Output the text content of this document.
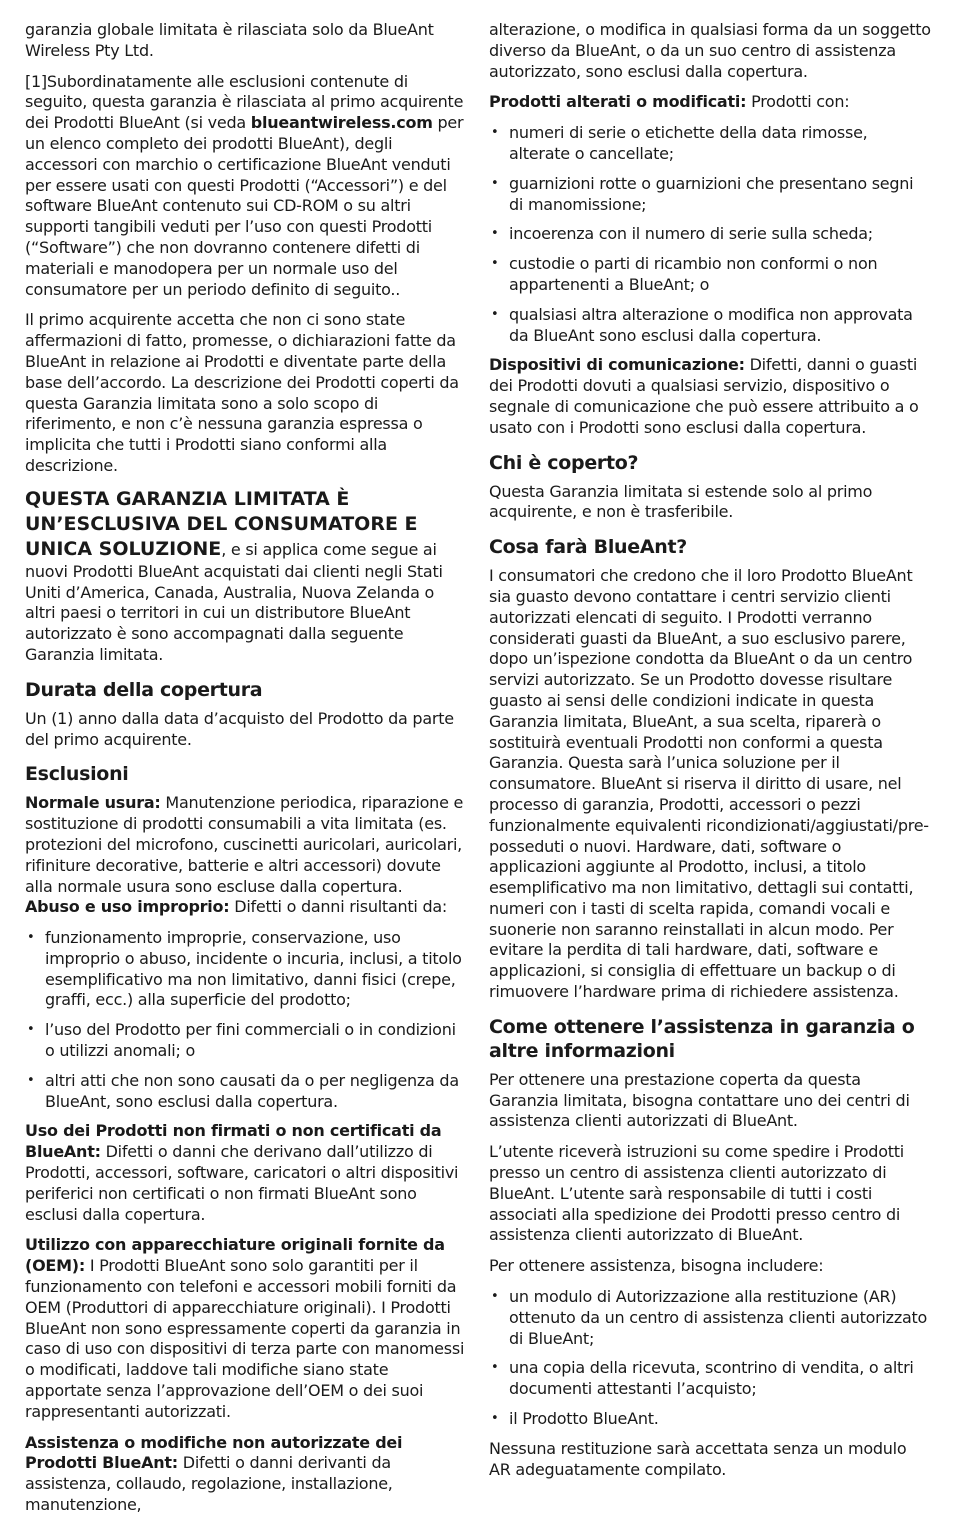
garanzia globale limitata è rilasciata solo da BlueAnt Wireless Pty Ltd.

[1]Subordinatamente alle esclusioni contenute di seguito, questa garanzia è rilasciata al primo acquirente dei Prodotti BlueAnt (si veda blueantwireless.com per un elenco completo dei prodotti BlueAnt), degli accessori con marchio o certificazione BlueAnt venduti per essere usati con questi Prodotti (“Accessori”) e del software BlueAnt contenuto sui CD-ROM o su altri supporti tangibili veduti per l’uso con questi Prodotti (“Software”) che non dovranno contenere difetti di materiali e manodopera per un normale uso del consumatore per un periodo definito di seguito..

Il primo acquirente accetta che non ci sono state affermazioni di fatto, promesse, o dichiarazioni fatte da BlueAnt in relazione ai Prodotti e diventate parte della base dell’accordo. La descrizione dei Prodotti coperti da questa Garanzia limitata sono a solo scopo di riferimento, e non c’è nessuna garanzia espressa o implicita che tutti i Prodotti siano conformi alla descrizione.

QUESTA GARANZIA LIMITATA È UN’ESCLUSIVA DEL CONSUMATORE E UNICA SOLUZIONE, e si applica come segue ai nuovi Prodotti BlueAnt acquistati dai clienti negli Stati Uniti d’America, Canada, Australia, Nuova Zelanda o altri paesi o territori in cui un distributore BlueAnt autorizzato è sono accompagnati dalla seguente Garanzia limitata.

Durata della copertura

Un (1) anno dalla data d’acquisto del Prodotto da parte del primo acquirente.

Esclusioni

Normale usura: Manutenzione periodica, riparazione e sostituzione di prodotti consumabili a vita limitata (es. protezioni del microfono, cuscinetti auricolari, auricolari, rifiniture decorative, batterie e altri accessori) dovute alla normale usura sono escluse dalla copertura.

Abuso e uso improprio: Difetti o danni risultanti da:

• funzionamento improprie, conservazione, uso improprio o abuso, incidente o incuria, inclusi, a titolo esemplificativo ma non limitativo, danni fisici (crepe, graffi, ecc.) alla superficie del prodotto;
• l’uso del Prodotto per fini commerciali o in condizioni o utilizzi anomali; o
• altri atti che non sono causati da o per negligenza da BlueAnt, sono esclusi dalla copertura.

Uso dei Prodotti non firmati o non certificati da BlueAnt: Difetti o danni che derivano dall’utilizzo di Prodotti, accessori, software, caricatori o altri dispositivi periferici non certificati o non firmati BlueAnt sono esclusi dalla copertura.

Utilizzo con apparecchiature originali fornite da (OEM): I Prodotti BlueAnt sono solo garantiti per il funzionamento con telefoni e accessori mobili forniti da OEM (Produttori di apparecchiature originali). I Prodotti BlueAnt non sono espressamente coperti da garanzia in caso di uso con dispositivi di terza parte con manomessi o modificati, laddove tali modifiche siano state apportate senza l’approvazione dell’OEM o dei suoi rappresentanti autorizzati.

Assistenza o modifiche non autorizzate dei Prodotti BlueAnt: Difetti o danni derivanti da assistenza, collaudo, regolazione, installazione, manutenzione,

alterazione, o modifica in qualsiasi forma da un soggetto diverso da BlueAnt, o da un suo centro di assistenza autorizzato, sono esclusi dalla copertura.

Prodotti alterati o modificati: Prodotti con:

• numeri di serie o etichette della data rimosse, alterate o cancellate;
• guarnizioni rotte o guarnizioni che presentano segni di manomissione;
• incoerenza con il numero di serie sulla scheda;
• custodie o parti di ricambio non conformi o non appartenenti a BlueAnt; o
• qualsiasi altra alterazione o modifica non approvata da BlueAnt sono esclusi dalla copertura.

Dispositivi di comunicazione: Difetti, danni o guasti dei Prodotti dovuti a qualsiasi servizio, dispositivo o segnale di comunicazione che può essere attribuito a o usato con i Prodotti sono esclusi dalla copertura.

Chi è coperto?

Questa Garanzia limitata si estende solo al primo acquirente, e non è trasferibile.

Cosa farà BlueAnt?

I consumatori che credono che il loro Prodotto BlueAnt sia guasto devono contattare i centri servizio clienti autorizzati elencati di seguito. I Prodotti verranno considerati guasti da BlueAnt, a suo esclusivo parere, dopo un’ispezione condotta da BlueAnt o da un centro servizi autorizzato. Se un Prodotto dovesse risultare guasto ai sensi delle condizioni indicate in questa Garanzia limitata, BlueAnt, a sua scelta, riparerà o sostituirà eventuali Prodotti non conformi a questa Garanzia. Questa sarà l’unica soluzione per il consumatore. BlueAnt si riserva il diritto di usare, nel processo di garanzia, Prodotti, accessori o pezzi funzionalmente equivalenti ricondizionati/aggiustati/pre-posseduti o nuovi. Hardware, dati, software o applicazioni aggiunte al Prodotto, inclusi, a titolo esemplificativo ma non limitativo, dettagli sui contatti, numeri con i tasti di scelta rapida, comandi vocali e suonerie non saranno reinstallati in alcun modo. Per evitare la perdita di tali hardware, dati, software e applicazioni, si consiglia di effettuare un backup o di rimuovere l’hardware prima di richiedere assistenza.

Come ottenere l’assistenza in garanzia o altre informazioni

Per ottenere una prestazione coperta da questa Garanzia limitata, bisogna contattare uno dei centri di assistenza clienti autorizzati di BlueAnt.

L’utente riceverà istruzioni su come spedire i Prodotti presso un centro di assistenza clienti autorizzato di BlueAnt. L’utente sarà responsabile di tutti i costi associati alla spedizione dei Prodotti presso centro di assistenza clienti autorizzato di BlueAnt.

Per ottenere assistenza, bisogna includere:

• un modulo di Autorizzazione alla restituzione (AR) ottenuto da un centro di assistenza clienti autorizzato di BlueAnt;
• una copia della ricevuta, scontrino di vendita, o altri documenti attestanti l’acquisto;
• il Prodotto BlueAnt.

Nessuna restituzione sarà accettata senza un modulo AR adeguatamente compilato.
